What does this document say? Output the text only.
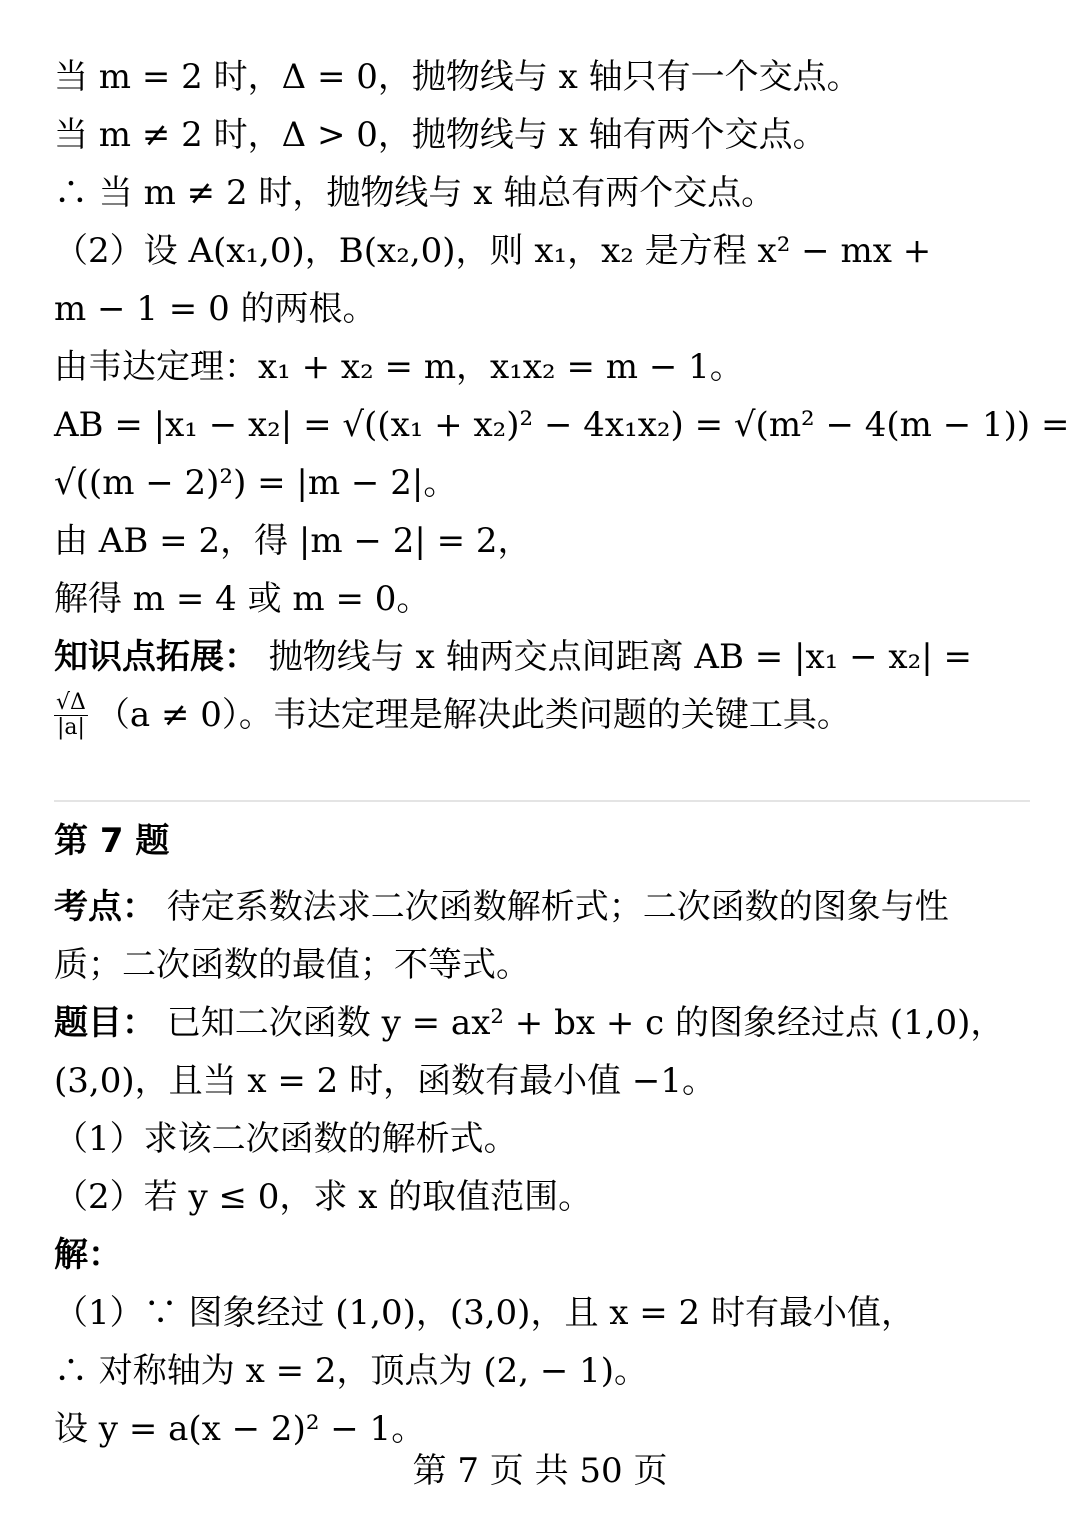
当 m = 2 时，Δ = 0，抛物线与 x 轴只有一个交点。
当 m ≠ 2 时，Δ > 0，抛物线与 x 轴有两个交点。
∴ 当 m ≠ 2 时，抛物线与 x 轴总有两个交点。
（2）设 A(x₁,0)，B(x₂,0)，则 x₁，x₂ 是方程 x² − mx +
m − 1 = 0 的两根。
由韦达定理：x₁ + x₂ = m，x₁x₂ = m − 1。
AB = |x₁ − x₂| = √((x₁ + x₂)² − 4x₁x₂) = √(m² − 4(m − 1)) =
√((m − 2)²) = |m − 2|。
由 AB = 2，得 |m − 2| = 2，
解得 m = 4 或 m = 0。
知识点拓展： 抛物线与 x 轴两交点间距离 AB = |x₁ − x₂| =
$\frac{√\Delta}{|a|} (a \ne 0)$。韦达定理是解决此类问题的关键工具。
第 7 题
考点： 待定系数法求二次函数解析式；二次函数的图象与性
质；二次函数的最值；不等式。
题目： 已知二次函数 y = ax² + bx + c 的图象经过点 (1,0)，
(3,0)，且当 x = 2 时，函数有最小值 −1。
（1）求该二次函数的解析式。
（2）若 y ≤ 0，求 x 的取值范围。
解：
（1）∵ 图象经过 (1,0)，(3,0)，且 x = 2 时有最小值，
∴ 对称轴为 x = 2，顶点为 (2, − 1)。
设 y = a(x − 2)² − 1。
第 7 页 共 50 页
